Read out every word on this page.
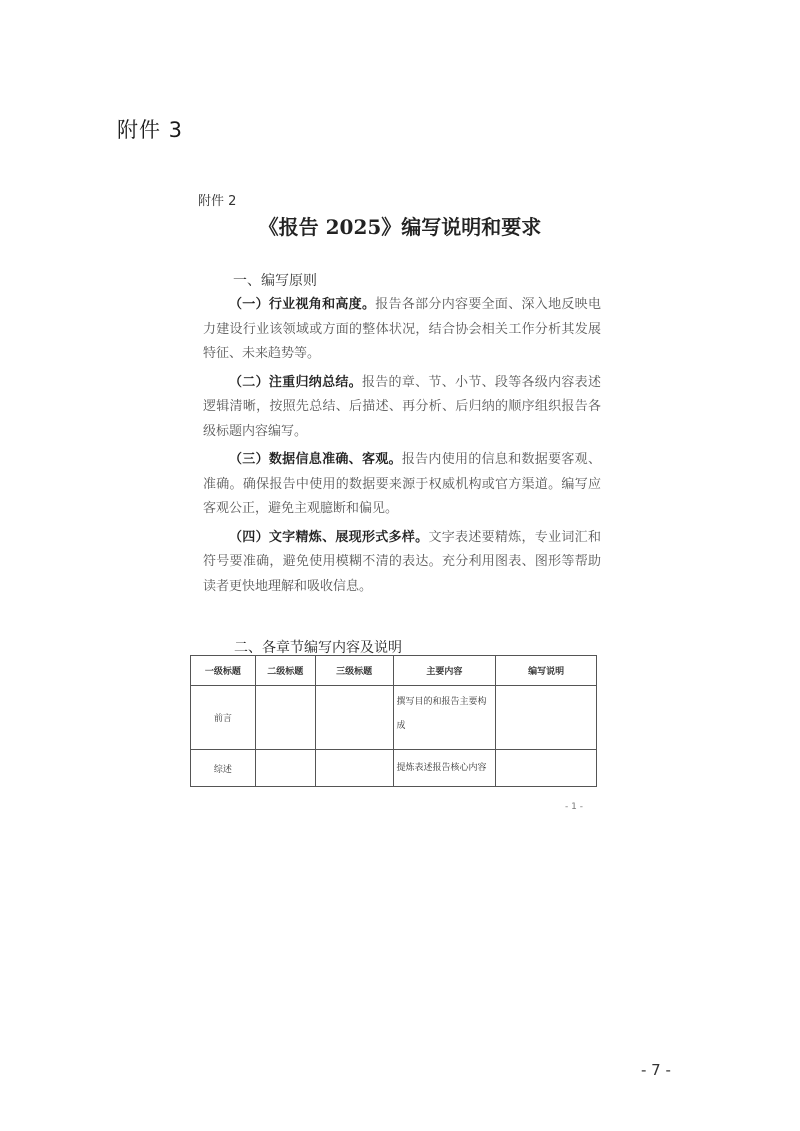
附件 3
附件 2
《报告 2025》编写说明和要求
一、编写原则

（一）行业视角和高度。报告各部分内容要全面、深入地反映电力建设行业该领域或方面的整体状况，结合协会相关工作分析其发展特征、未来趋势等。

（二）注重归纳总结。报告的章、节、小节、段等各级内容表述逻辑清晰，按照先总结、后描述、再分析、后归纳的顺序组织报告各级标题内容编写。

（三）数据信息准确、客观。报告内使用的信息和数据要客观、准确。确保报告中使用的数据要来源于权威机构或官方渠道。编写应客观公正，避免主观臆断和偏见。

（四）文字精炼、展现形式多样。文字表述要精炼，专业词汇和符号要准确，避免使用模糊不清的表达。充分利用图表、图形等帮助读者更快地理解和吸收信息。

二、各章节编写内容及说明
一级标题	二级标题	三级标题	主要内容	编写说明
前言			撰写目的和报告主要构成	
综述			提炼表述报告核心内容	
- 1 -
- 7 -
